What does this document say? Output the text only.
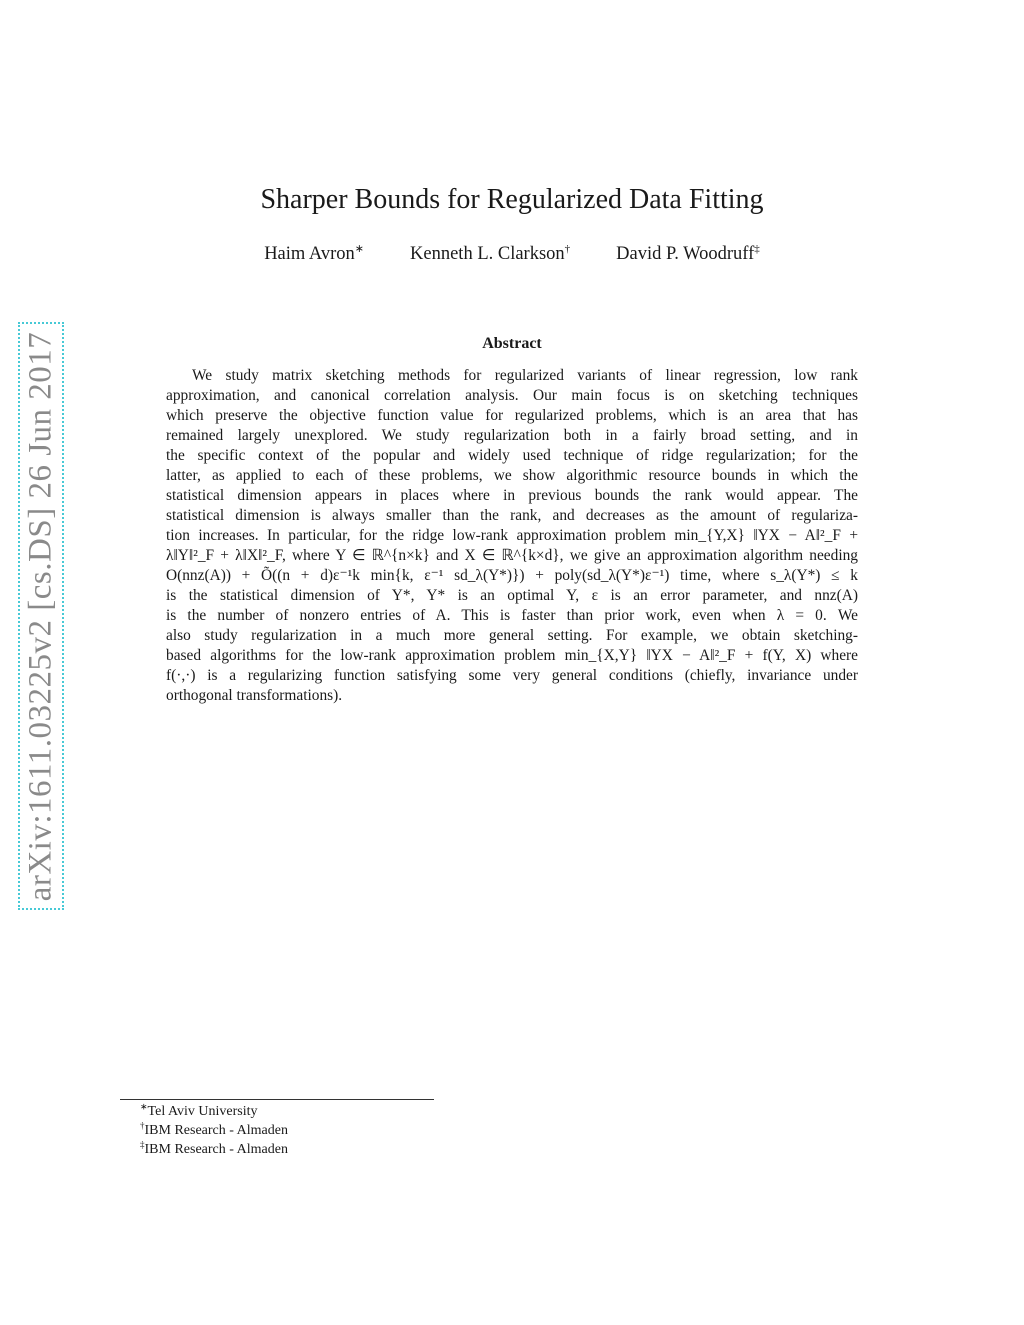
arXiv:1611.03225v2 [cs.DS] 26 Jun 2017
Sharper Bounds for Regularized Data Fitting
Haim Avron∗ Kenneth L. Clarkson† David P. Woodruff‡
Abstract
We study matrix sketching methods for regularized variants of linear regression, low rank
approximation, and canonical correlation analysis. Our main focus is on sketching techniques
which preserve the objective function value for regularized problems, which is an area that has
remained largely unexplored. We study regularization both in a fairly broad setting, and in
the specific context of the popular and widely used technique of ridge regularization; for the
latter, as applied to each of these problems, we show algorithmic resource bounds in which the
statistical dimension appears in places where in previous bounds the rank would appear. The
statistical dimension is always smaller than the rank, and decreases as the amount of regulariza-
tion increases. In particular, for the ridge low-rank approximation problem min_{Y,X} ‖YX − A‖²_F +
λ‖Y‖²_F + λ‖X‖²_F, where Y ∈ ℝ^{n×k} and X ∈ ℝ^{k×d}, we give an approximation algorithm needing
O(nnz(A)) + Õ((n + d)ε⁻¹k min{k, ε⁻¹ sd_λ(Y*)}) + poly(sd_λ(Y*)ε⁻¹) time, where s_λ(Y*) ≤ k
is the statistical dimension of Y*, Y* is an optimal Y, ε is an error parameter, and nnz(A)
is the number of nonzero entries of A. This is faster than prior work, even when λ = 0. We
also study regularization in a much more general setting. For example, we obtain sketching-
based algorithms for the low-rank approximation problem min_{X,Y} ‖YX − A‖²_F + f(Y, X) where
f(·,·) is a regularizing function satisfying some very general conditions (chiefly, invariance under
orthogonal transformations).
∗Tel Aviv University
†IBM Research - Almaden
‡IBM Research - Almaden
